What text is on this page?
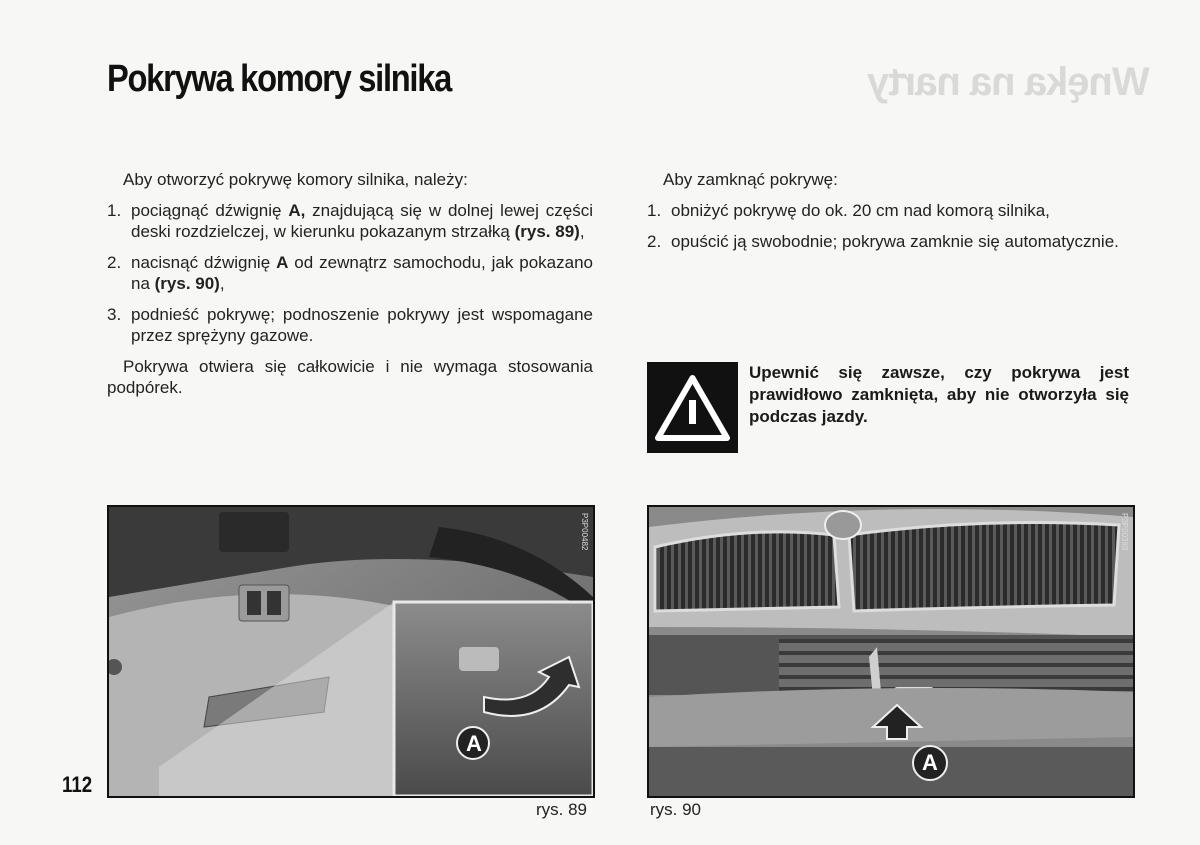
Wnęka na narty
Pokrywa komory silnika

Aby otworzyć pokrywę komory silnika, należy:

1. pociągnąć dźwignię A, znajdującą się w dolnej lewej części deski rozdzielczej, w kierunku pokazanym strzałką (rys. 89),
2. nacisnąć dźwignię A od zewnątrz samochodu, jak pokazano na (rys. 90),
3. podnieść pokrywę; podnoszenie pokrywy jest wspomagane przez sprężyny gazowe.

Pokrywa otwiera się całkowicie i nie wymaga stosowania podpórek.

Aby zamknąć pokrywę:

1. obniżyć pokrywę do ok. 20 cm nad komorą silnika,
2. opuścić ją swobodnie; pokrywa zamknie się automatycznie.
Upewnić się zawsze, czy pokrywa jest prawidłowo zamknięta, aby nie otworzyła się podczas jazdy.
A
P3P00482
A
P3P00393
rys. 89	rys. 90
112
